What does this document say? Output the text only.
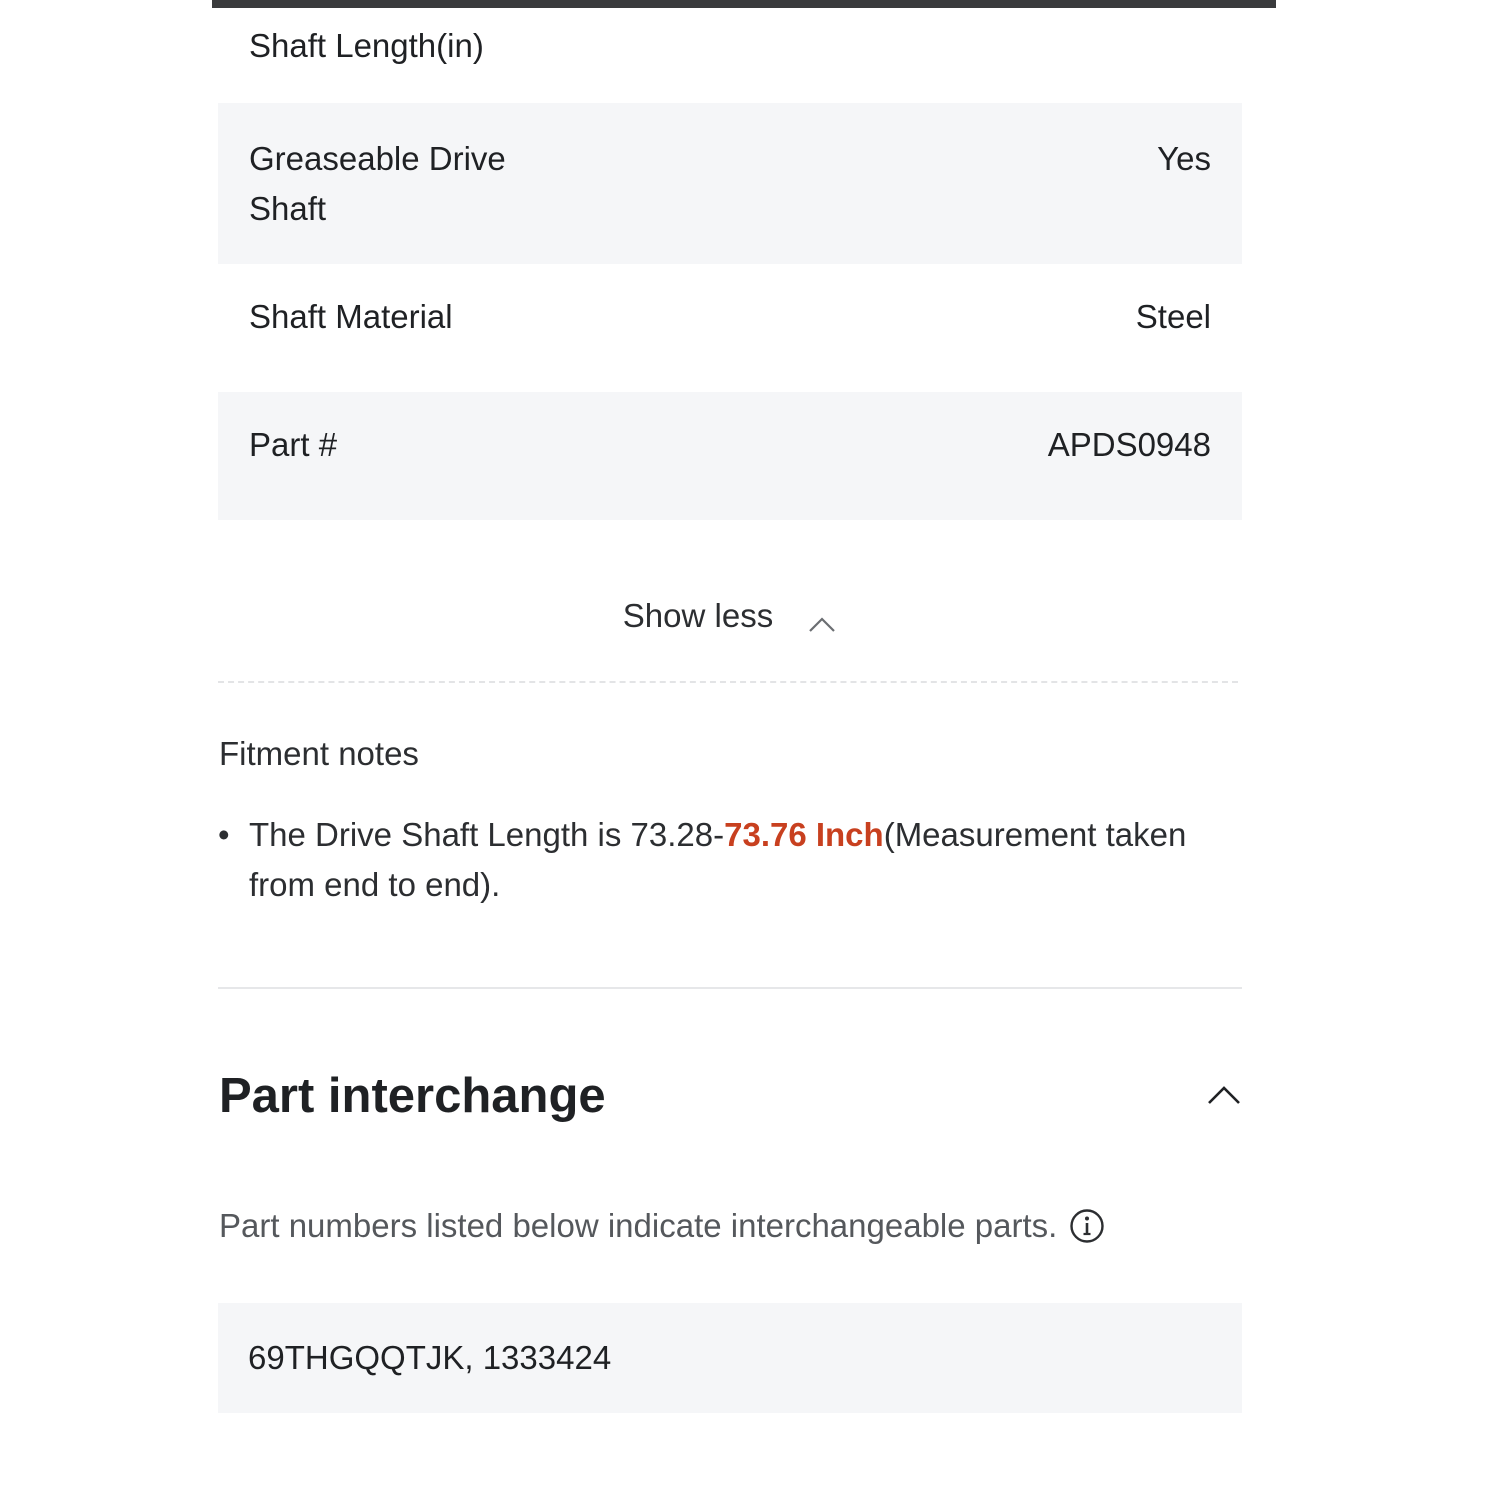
Shaft Length(in)
Greaseable Drive Shaft
Yes
Shaft Material	Steel
Part #	APDS0948
Show less
Fitment notes
• The Drive Shaft Length is 73.28-73.76 Inch(Measurement taken from end to end).
Part interchange
Part numbers listed below indicate interchangeable parts.
69THGQQTJK, 1333424
